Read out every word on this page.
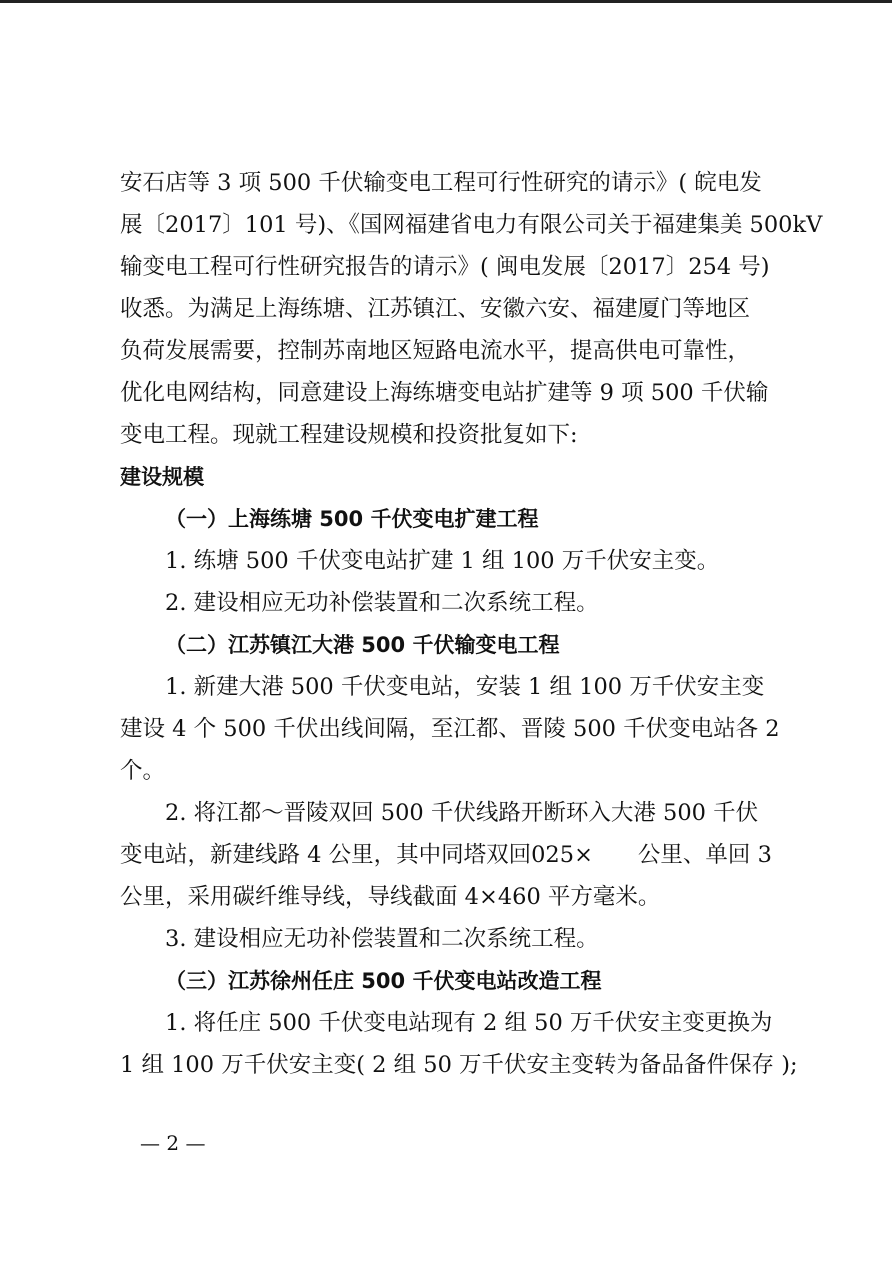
安石店等 3 项 500 千伏输变电工程可行性研究的请示》( 皖电发
展〔2017〕101 号)、《国网福建省电力有限公司关于福建集美 500kV
输变电工程可行性研究报告的请示》( 闽电发展〔2017〕254 号)
收悉。为满足上海练塘、江苏镇江、安徽六安、福建厦门等地区
负荷发展需要，控制苏南地区短路电流水平，提高供电可靠性，
优化电网结构，同意建设上海练塘变电站扩建等 9 项 500 千伏输
变电工程。现就工程建设规模和投资批复如下:
建设规模
（一）上海练塘 500 千伏变电扩建工程
1. 练塘 500 千伏变电站扩建 1 组 100 万千伏安主变。
2. 建设相应无功补偿装置和二次系统工程。
（二）江苏镇江大港 500 千伏输变电工程
1. 新建大港 500 千伏变电站，安装 1 组 100 万千伏安主变
建设 4 个 500 千伏出线间隔，至江都、晋陵 500 千伏变电站各 2
个。
2. 将江都～晋陵双回 500 千伏线路开断环入大港 500 千伏
变电站，新建线路 4 公里，其中同塔双回025×　　公里、单回 3
公里，采用碳纤维导线，导线截面 4×460 平方毫米。
3. 建设相应无功补偿装置和二次系统工程。
（三）江苏徐州任庄 500 千伏变电站改造工程
1. 将任庄 500 千伏变电站现有 2 组 50 万千伏安主变更换为
1 组 100 万千伏安主变( 2 组 50 万千伏安主变转为备品备件保存 );
— 2 —
